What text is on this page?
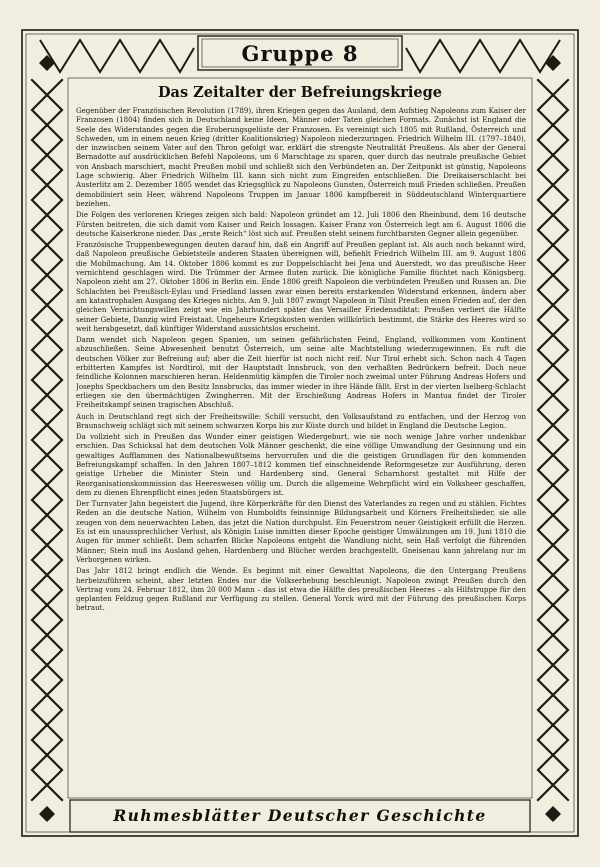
Gruppe 8
Das Zeitalter der Befreiungskriege

Gegenüber der Französischen Revolution (1789), ihren Kriegen gegen das Ausland, dem Aufstieg Napoleons zum Kaiser der Franzosen (1804) finden sich in Deutschland keine Ideen, Männer oder Taten gleichen Formats. Zunächst ist England die Seele des Widerstandes gegen die Eroberungsgelüste der Franzosen. Es vereinigt sich 1805 mit Rußland, Österreich und Schweden, um in einem neuen Krieg (dritter Koalitionskrieg) Napoleon niederzuringen. Friedrich Wilhelm III. (1797–1840), der inzwischen seinem Vater auf den Thron gefolgt war, erklärt die strengste Neutralität Preußens. Als aber der General Bernadotte auf ausdrücklichen Befehl Napoleons, um 6 Marschtage zu sparen, quer durch das neutrale preußische Gebiet von Ansbach marschiert, macht Preußen mobil und schließt sich den Verbündeten an. Der Zeitpunkt ist günstig, Napoleons Lage schwierig. Aber Friedrich Wilhelm III. kann sich nicht zum Eingreifen entschließen. Die Dreikaiserschlacht bei Austerlitz am 2. Dezember 1805 wendet das Kriegsglück zu Napoleons Gunsten, Österreich muß Frieden schließen. Preußen demobilisiert sein Heer, während Napoleons Truppen im Januar 1806 kampfbereit in Süddeutschland Winterquartiere beziehen.

Die Folgen des verlorenen Krieges zeigen sich bald: Napoleon gründet am 12. Juli 1806 den Rheinbund, dem 16 deutsche Fürsten beitreten, die sich damit vom Kaiser und Reich lossagen. Kaiser Franz von Österreich legt am 6. August 1806 die deutsche Kaiserkrone nieder. Das „erste Reich“ löst sich auf. Preußen steht seinem furchtbarsten Gegner allein gegenüber.

Französische Truppenbewegungen deuten darauf hin, daß ein Angriff auf Preußen geplant ist. Als auch noch bekannt wird, daß Napoleon preußische Gebietsteile anderen Staaten übereignen will, befiehlt Friedrich Wilhelm III. am 9. August 1806 die Mobilmachung. Am 14. Oktober 1806 kommt es zur Doppelschlacht bei Jena und Auerstedt, wo das preußische Heer vernichtend geschlagen wird. Die Trümmer der Armee fluten zurück. Die königliche Familie flüchtet nach Königsberg. Napoleon zieht am 27. Oktober 1806 in Berlin ein. Ende 1806 greift Napoleon die verbündeten Preußen und Russen an. Die Schlachten bei Preußisch-Eylau und Friedland lassen zwar einen bereits erstarkenden Widerstand erkennen, ändern aber am katastrophalen Ausgang des Krieges nichts. Am 9. Juli 1807 zwingt Napoleon in Tilsit Preußen einen Frieden auf, der den gleichen Vernichtungswillen zeigt wie ein Jahrhundert später das Versailler Friedensdiktat: Preußen verliert die Hälfte seiner Gebiete, Danzig wird Freistaat. Ungeheure Kriegskosten werden willkürlich bestimmt, die Stärke des Heeres wird so weit herabgesetzt, daß künftiger Widerstand aussichtslos erscheint.

Dann wendet sich Napoleon gegen Spanien, um seinen gefährlichsten Feind, England, vollkommen vom Kontinent abzuschließen. Seine Abwesenheit benutzt Österreich, um seine alte Machtstellung wiederzugewinnen. Es ruft die deutschen Völker zur Befreiung auf; aber die Zeit hierfür ist noch nicht reif. Nur Tirol erhebt sich. Schon nach 4 Tagen erbitterten Kampfes ist Nordtirol, mit der Hauptstadt Innsbruck, von den verhaßten Bedrückern befreit. Doch neue feindliche Kolonnen marschieren heran. Heldenmütig kämpfen die Tiroler noch zweimal unter Führung Andreas Hofers und Josephs Speckbachers um den Besitz Innsbrucks, das immer wieder in ihre Hände fällt. Erst in der vierten Iselberg-Schlacht erliegen sie den übermächtigen Zwingherren. Mit der Erschießung Andreas Hofers in Mantua findet der Tiroler Freiheitskampf seinen tragischen Abschluß.

Auch in Deutschland regt sich der Freiheitswille: Schill versucht, den Volksaufstand zu entfachen, und der Herzog von Braunschweig schlägt sich mit seinem schwarzen Korps bis zur Küste durch und bildet in England die Deutsche Legion.

Da vollzieht sich in Preußen das Wunder einer geistigen Wiedergeburt, wie sie noch wenige Jahre vorher undenkbar erschien. Das Schicksal hat dem deutschen Volk Männer geschenkt, die eine völlige Umwandlung der Gesinnung und ein gewaltiges Aufflammen des Nationalbewußtseins hervorrufen und die die geistigen Grundlagen für den kommenden Befreiungskampf schaffen. In den Jahren 1807–1812 kommen tief einschneidende Reformgesetze zur Ausführung, deren geistige Urheber die Minister Stein und Hardenberg sind. General Scharnhorst gestaltet mit Hilfe der Reorganisationskommission das Heereswesen völlig um. Durch die allgemeine Wehrpflicht wird ein Volksheer geschaffen, dem zu dienen Ehrenpflicht eines jeden Staatsbürgers ist.

Der Turnvater Jahn begeistert die Jugend, ihre Körperkräfte für den Dienst des Vaterlandes zu regen und zu stählen. Fichtes Reden an die deutsche Nation, Wilhelm von Humboldts feinsinnige Bildungsarbeit und Körners Freiheitslieder, sie alle zeugen von dem neuerwachten Leben, das jetzt die Nation durchpulst. Ein Feuerstrom neuer Geistigkeit erfüllt die Herzen. Es ist ein unaussprechlicher Verlust, als Königin Luise inmitten dieser Epoche geistiger Umwälzungen am 19. Juni 1810 die Augen für immer schließt. Dem scharfen Blicke Napoleons entgeht die Wandlung nicht, sein Haß verfolgt die führenden Männer; Stein muß ins Ausland gehen, Hardenberg und Blücher werden brachgestellt. Gneisenau kann jahrelang nur im Verborgenen wirken.

Das Jahr 1812 bringt endlich die Wende. Es beginnt mit einer Gewalttat Napoleons, die den Untergang Preußens herbeizuführen scheint, aber letzten Endes nur die Volkserhebung beschleunigt. Napoleon zwingt Preußen durch den Vertrag vom 24. Februar 1812, ihm 20 000 Mann – das ist etwa die Hälfte des preußischen Heeres – als Hilfstruppe für den geplanten Feldzug gegen Rußland zur Verfügung zu stellen. General Yorck wird mit der Führung des preußischen Korps betraut.

Ruhmesblätter Deutscher Geschichte
